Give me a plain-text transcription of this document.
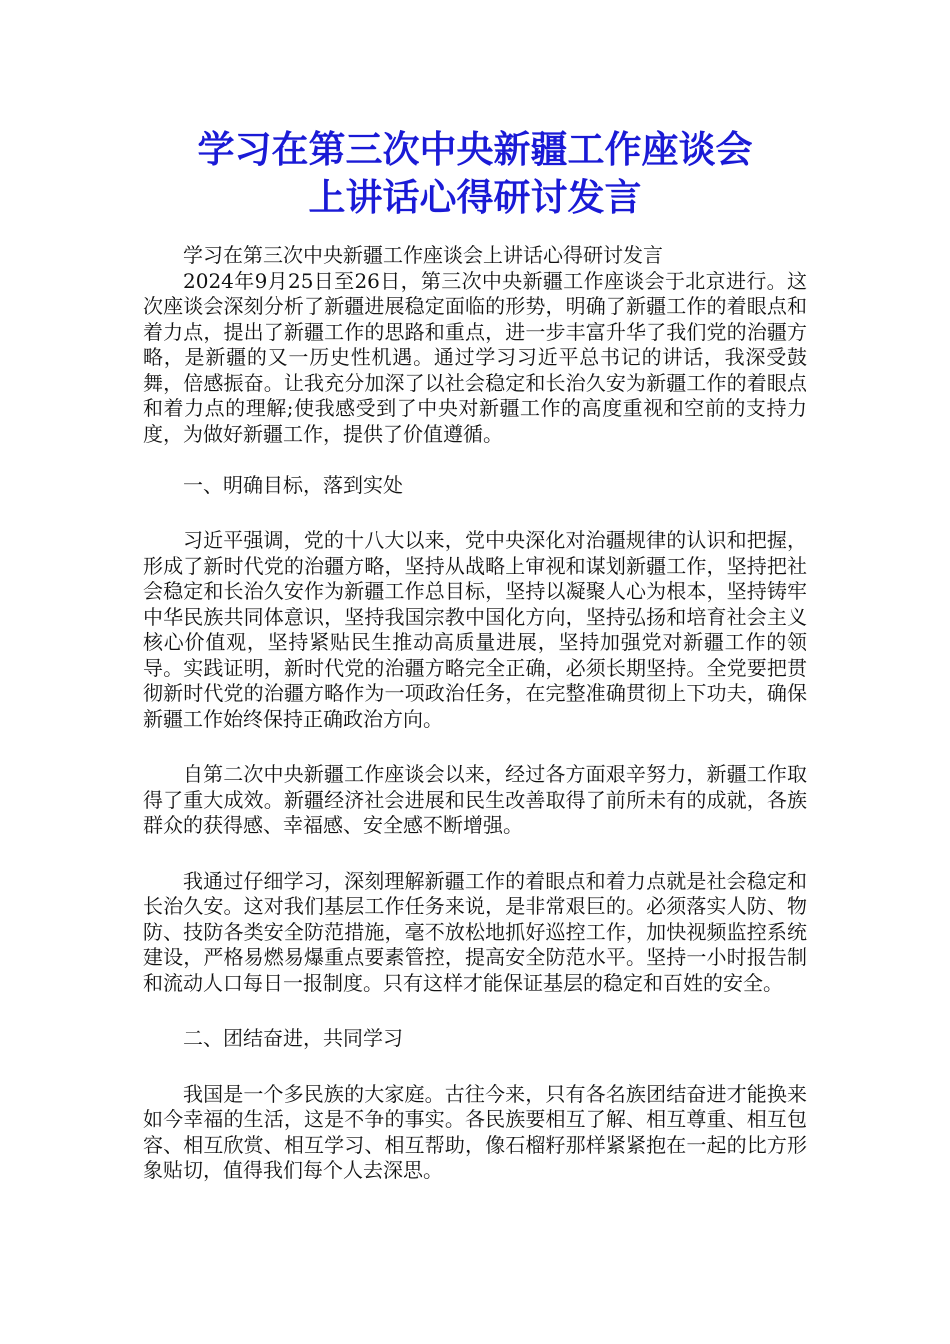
学习在第三次中央新疆工作座谈会
上讲话心得研讨发言

学习在第三次中央新疆工作座谈会上讲话心得研讨发言

2024年9月25日至26日，第三次中央新疆工作座谈会于北京进行。这次座谈会深刻分析了新疆进展稳定面临的形势，明确了新疆工作的着眼点和着力点，提出了新疆工作的思路和重点，进一步丰富升华了我们党的治疆方略，是新疆的又一历史性机遇。通过学习习近平总书记的讲话，我深受鼓舞，倍感振奋。让我充分加深了以社会稳定和长治久安为新疆工作的着眼点和着力点的理解;使我感受到了中央对新疆工作的高度重视和空前的支持力度，为做好新疆工作，提供了价值遵循。

一、明确目标，落到实处

习近平强调，党的十八大以来，党中央深化对治疆规律的认识和把握，形成了新时代党的治疆方略，坚持从战略上审视和谋划新疆工作，坚持把社会稳定和长治久安作为新疆工作总目标，坚持以凝聚人心为根本，坚持铸牢中华民族共同体意识，坚持我国宗教中国化方向，坚持弘扬和培育社会主义核心价值观，坚持紧贴民生推动高质量进展，坚持加强党对新疆工作的领导。实践证明，新时代党的治疆方略完全正确，必须长期坚持。全党要把贯彻新时代党的治疆方略作为一项政治任务，在完整准确贯彻上下功夫，确保新疆工作始终保持正确政治方向。

自第二次中央新疆工作座谈会以来，经过各方面艰辛努力，新疆工作取得了重大成效。新疆经济社会进展和民生改善取得了前所未有的成就，各族群众的获得感、幸福感、安全感不断增强。

我通过仔细学习，深刻理解新疆工作的着眼点和着力点就是社会稳定和长治久安。这对我们基层工作任务来说，是非常艰巨的。必须落实人防、物防、技防各类安全防范措施，毫不放松地抓好巡控工作，加快视频监控系统建设，严格易燃易爆重点要素管控，提高安全防范水平。坚持一小时报告制和流动人口每日一报制度。只有这样才能保证基层的稳定和百姓的安全。

二、团结奋进，共同学习

我国是一个多民族的大家庭。古往今来，只有各名族团结奋进才能换来如今幸福的生活，这是不争的事实。各民族要相互了解、相互尊重、相互包容、相互欣赏、相互学习、相互帮助，像石榴籽那样紧紧抱在一起的比方形象贴切，值得我们每个人去深思。
